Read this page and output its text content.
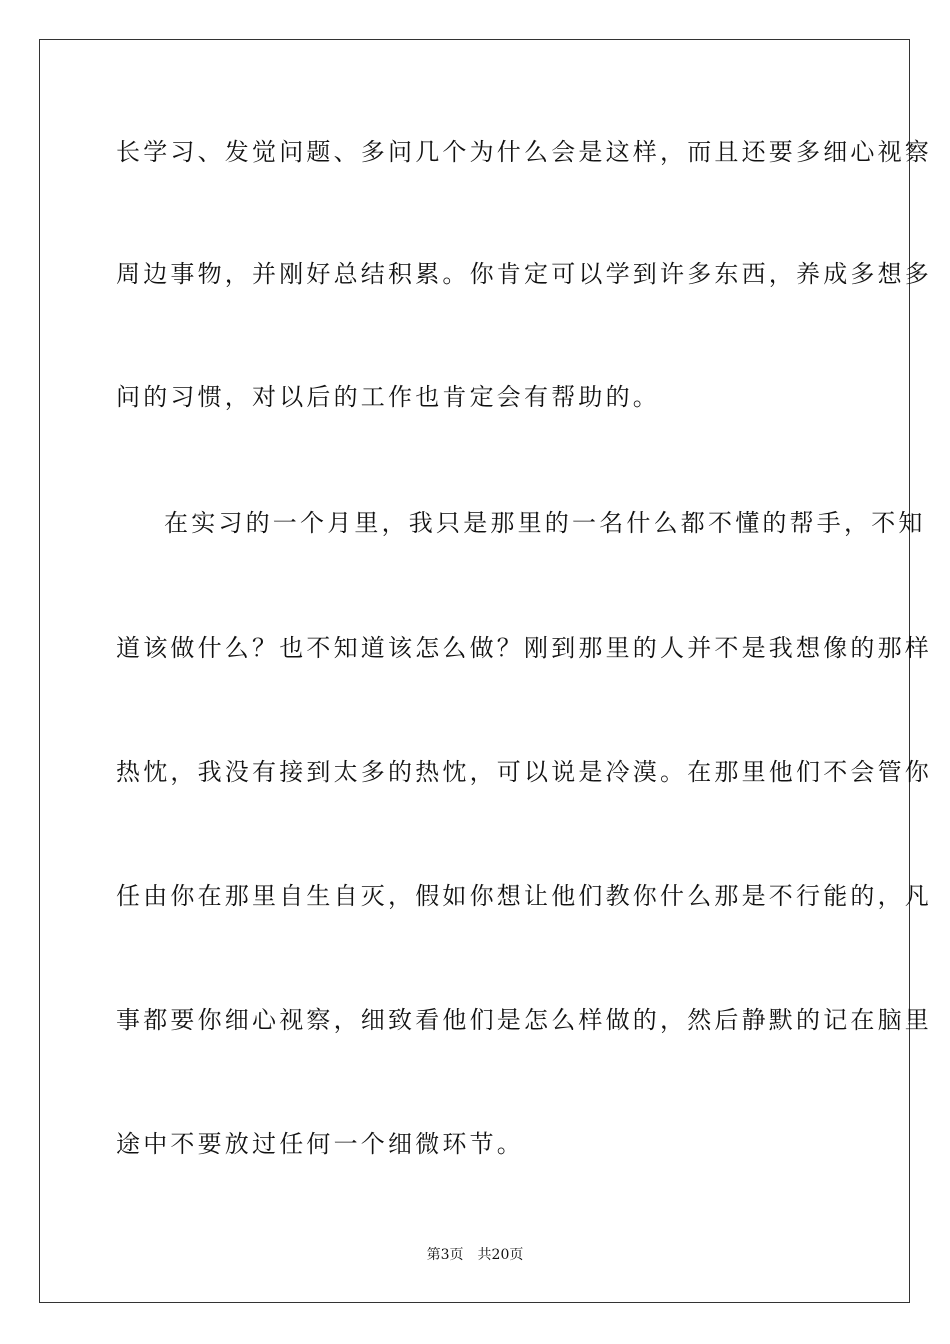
长学习、发觉问题、多问几个为什么会是这样，而且还要多细心视察
周边事物，并刚好总结积累。你肯定可以学到许多东西，养成多想多
问的习惯，对以后的工作也肯定会有帮助的。
在实习的一个月里，我只是那里的一名什么都不懂的帮手，不知
道该做什么？也不知道该怎么做？刚到那里的人并不是我想像的那样
热忱，我没有接到太多的热忱，可以说是冷漠。在那里他们不会管你
任由你在那里自生自灭，假如你想让他们教你什么那是不行能的，凡
事都要你细心视察，细致看他们是怎么样做的，然后静默的记在脑里
途中不要放过任何一个细微环节。
第3页 共20页
